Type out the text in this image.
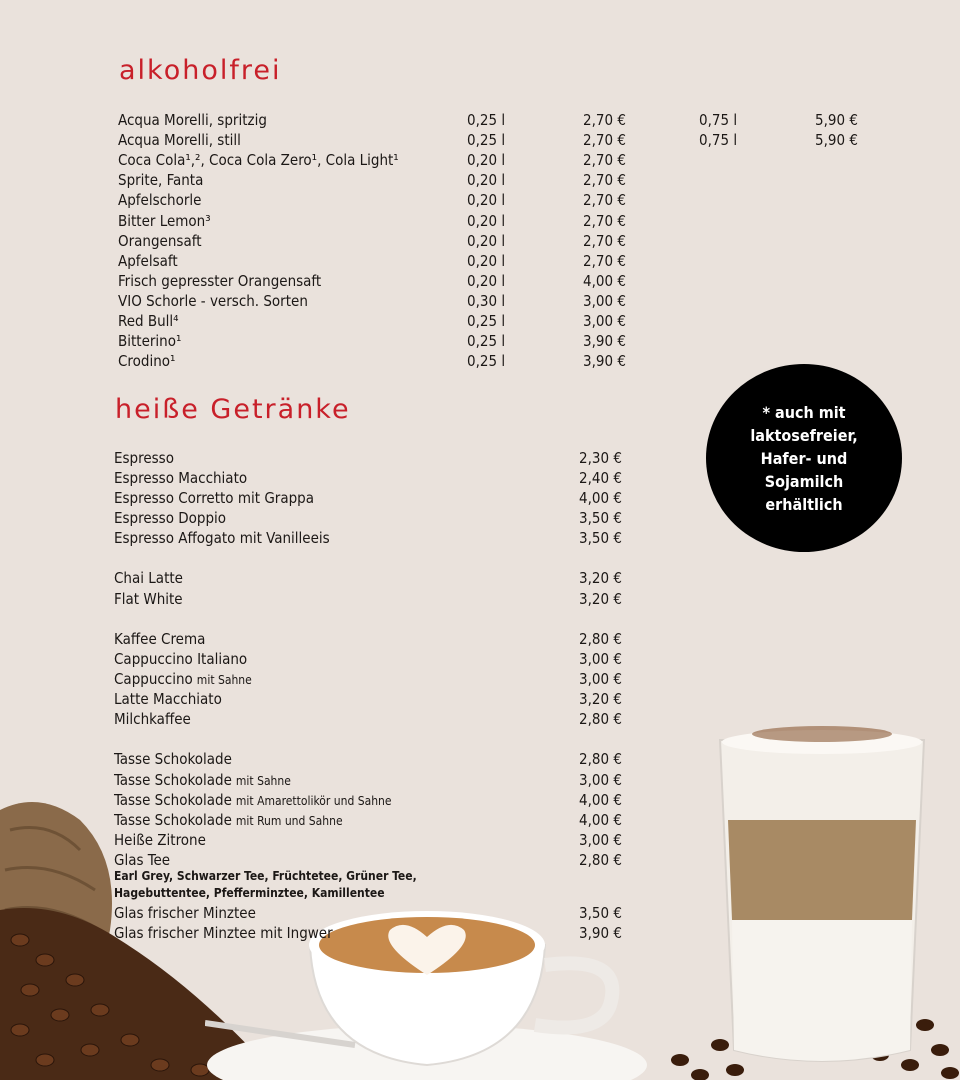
alkoholfrei
Acqua Morelli, spritzig	0,25 l	2,70 €	0,75 l	5,90 €
Acqua Morelli, still	0,25 l	2,70 €	0,75 l	5,90 €
Coca Cola¹,², Coca Cola Zero¹, Cola Light¹	0,20 l	2,70 €
Sprite, Fanta	0,20 l	2,70 €
Apfelschorle	0,20 l	2,70 €
Bitter Lemon³	0,20 l	2,70 €
Orangensaft	0,20 l	2,70 €
Apfelsaft	0,20 l	2,70 €
Frisch gepresster Orangensaft	0,20 l	4,00 €
VIO Schorle - versch. Sorten	0,30 l	3,00 €
Red Bull⁴	0,25 l	3,00 €
Bitterino¹	0,25 l	3,90 €
Crodino¹	0,25 l	3,90 €
heiße Getränke
Espresso	2,30 €
Espresso Macchiato	2,40 €
Espresso Corretto mit Grappa	4,00 €
Espresso Doppio	3,50 €
Espresso Affogato mit Vanilleeis	3,50 €
Chai Latte	3,20 €
Flat White	3,20 €
Kaffee Crema	2,80 €
Cappuccino Italiano	3,00 €
Cappuccino mit Sahne	3,00 €
Latte Macchiato	3,20 €
Milchkaffee	2,80 €
Tasse Schokolade	2,80 €
Tasse Schokolade mit Sahne	3,00 €
Tasse Schokolade mit Amarettolikör und Sahne	4,00 €
Tasse Schokolade mit Rum und Sahne	4,00 €
Heiße Zitrone	3,00 €
Glas Tee	2,80 €
Glas frischer Minztee	3,50 €
Glas frischer Minztee mit Ingwer	3,90 €
Earl Grey, Schwarzer Tee, Früchtetee, Grüner Tee,
Hagebuttentee, Pfefferminztee, Kamillentee
* auch mit
laktosefreier,
Hafer- und
Sojamilch
erhältlich
